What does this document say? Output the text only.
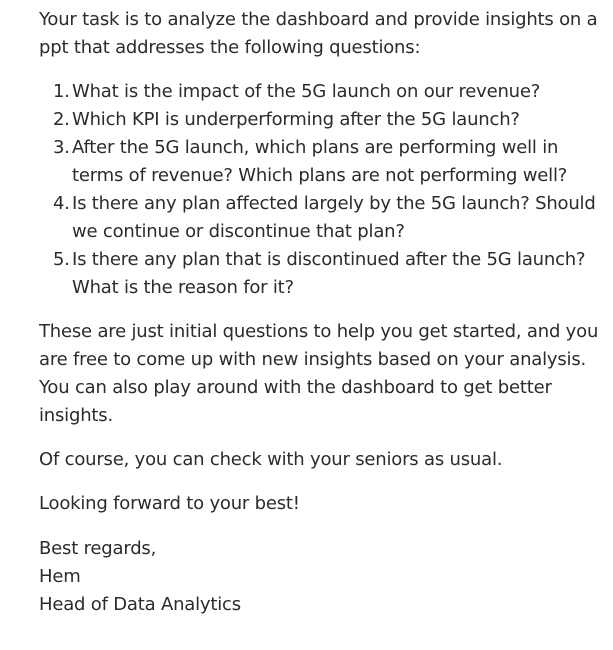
Your task is to analyze the dashboard and provide insights on a ppt that addresses the following questions:

1. What is the impact of the 5G launch on our revenue?
2. Which KPI is underperforming after the 5G launch?
3. After the 5G launch, which plans are performing well in terms of revenue? Which plans are not performing well?
4. Is there any plan affected largely by the 5G launch? Should we continue or discontinue that plan?
5. Is there any plan that is discontinued after the 5G launch? What is the reason for it?

These are just initial questions to help you get started, and you are free to come up with new insights based on your analysis. You can also play around with the dashboard to get better insights.

Of course, you can check with your seniors as usual.

Looking forward to your best!

Best regards,
Hem
Head of Data Analytics
